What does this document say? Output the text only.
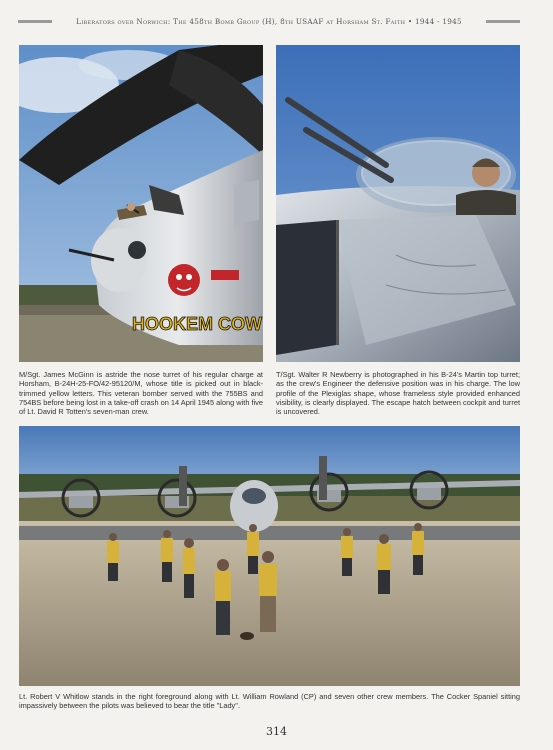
Liberators over Norwich: The 458th Bomb Group (H), 8th USAAF at Horsham St. Faith • 1944 - 1945
HOOKEM COW

M/Sgt. James McGinn is astride the nose turret of his regular charge at Horsham, B-24H-25-FO/42-95120/M, whose title is picked out in black-trimmed yellow letters. This veteran bomber served with the 755BS and 754BS before being lost in a take-off crash on 14 April 1945 along with five of Lt. David R Totten's seven-man crew.

T/Sgt. Walter R Newberry is photographed in his B-24's Martin top turret; as the crew's Engineer the defensive position was in his charge. The low profile of the Plexiglas shape, whose frameless style provided enhanced visibility, is clearly displayed. The escape hatch between cockpit and turret is uncovered.

Lt. Robert V Whitlow stands in the right foreground along with Lt. William Rowland (CP) and seven other crew members. The Cocker Spaniel sitting impassively between the pilots was believed to bear the title "Lady".

314
